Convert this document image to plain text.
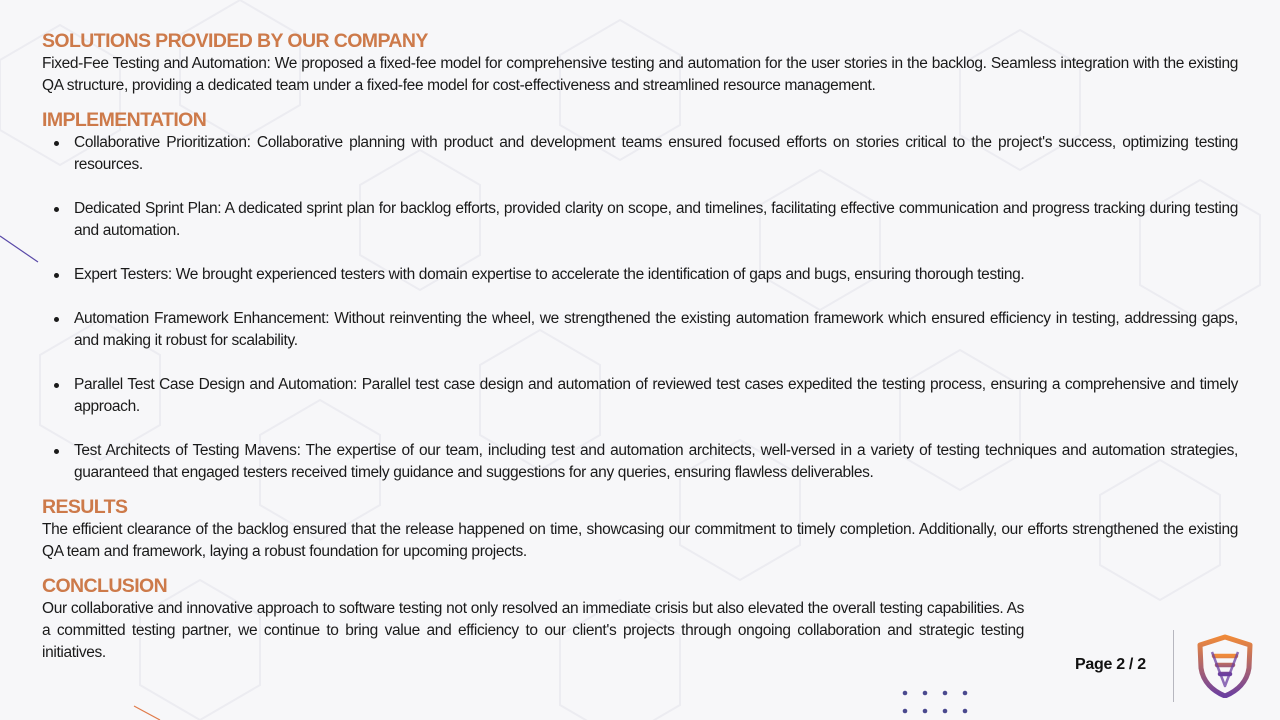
SOLUTIONS PROVIDED BY OUR COMPANY

Fixed-Fee Testing and Automation: We proposed a fixed-fee model for comprehensive testing and automation for the user stories in the backlog. Seamless integration with the existing QA structure, providing a dedicated team under a fixed-fee model for cost-effectiveness and streamlined resource management.

IMPLEMENTATION
Collaborative Prioritization: Collaborative planning with product and development teams ensured focused efforts on stories critical to the project's success, optimizing testing resources.
Dedicated Sprint Plan: A dedicated sprint plan for backlog efforts, provided clarity on scope, and timelines, facilitating effective communication and progress tracking during testing and automation.
Expert Testers: We brought experienced testers with domain expertise to accelerate the identification of gaps and bugs, ensuring thorough testing.
Automation Framework Enhancement: Without reinventing the wheel, we strengthened the existing automation framework which ensured efficiency in testing, addressing gaps, and making it robust for scalability.
Parallel Test Case Design and Automation: Parallel test case design and automation of reviewed test cases expedited the testing process, ensuring a comprehensive and timely approach.
Test Architects of Testing Mavens: The expertise of our team, including test and automation architects, well-versed in a variety of testing techniques and automation strategies, guaranteed that engaged testers received timely guidance and suggestions for any queries, ensuring flawless deliverables.
RESULTS

The efficient clearance of the backlog ensured that the release happened on time, showcasing our commitment to timely completion. Additionally, our efforts strengthened the existing QA team and framework, laying a robust foundation for upcoming projects.

CONCLUSION

Our collaborative and innovative approach to software testing not only resolved an immediate crisis but also elevated the overall testing capabilities. As a committed testing partner, we continue to bring value and efficiency to our client's projects through ongoing collaboration and strategic testing initiatives.

Page 2 / 2
